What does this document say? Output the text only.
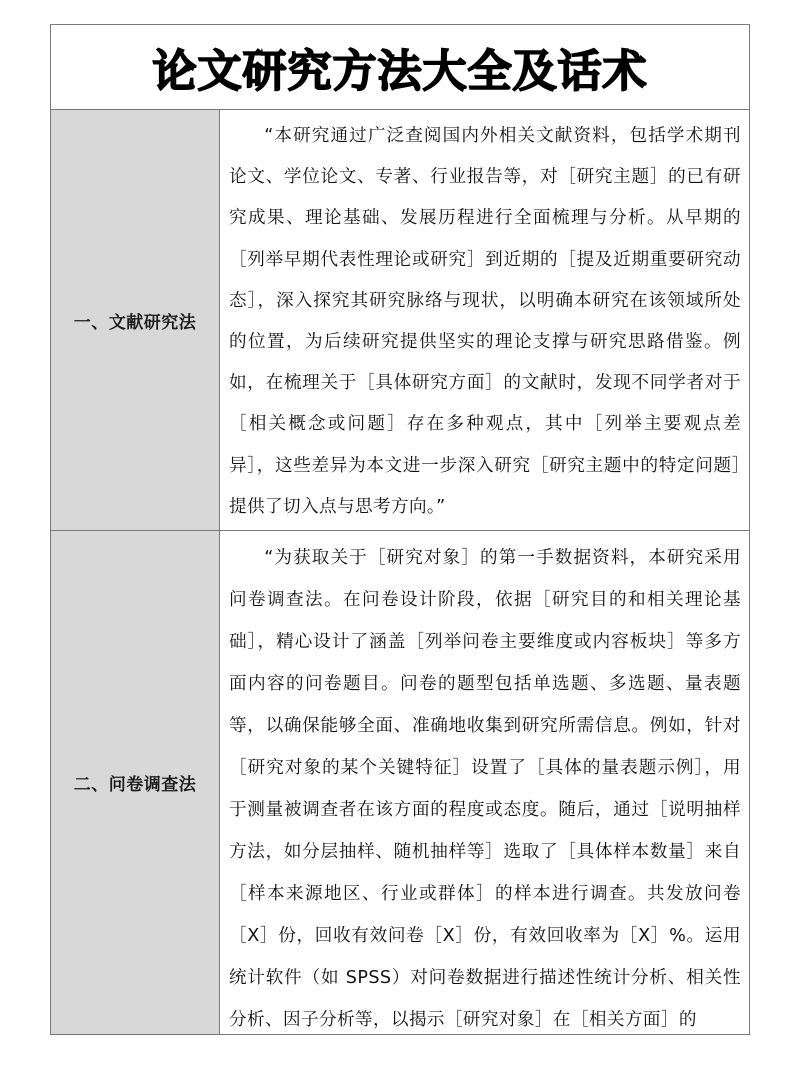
论文研究方法大全及话术
一、文献研究法

“本研究通过广泛查阅国内外相关文献资料，包括学术期刊论文、学位论文、专著、行业报告等，对［研究主题］的已有研究成果、理论基础、发展历程进行全面梳理与分析。从早期的［列举早期代表性理论或研究］到近期的［提及近期重要研究动态］，深入探究其研究脉络与现状，以明确本研究在该领域所处的位置，为后续研究提供坚实的理论支撑与研究思路借鉴。例如，在梳理关于［具体研究方面］的文献时，发现不同学者对于［相关概念或问题］存在多种观点，其中［列举主要观点差异］，这些差异为本文进一步深入研究［研究主题中的特定问题］提供了切入点与思考方向。”

二、问卷调查法

“为获取关于［研究对象］的第一手数据资料，本研究采用问卷调查法。在问卷设计阶段，依据［研究目的和相关理论基础］，精心设计了涵盖［列举问卷主要维度或内容板块］等多方面内容的问卷题目。问卷的题型包括单选题、多选题、量表题等，以确保能够全面、准确地收集到研究所需信息。例如，针对［研究对象的某个关键特征］设置了［具体的量表题示例］，用于测量被调查者在该方面的程度或态度。随后，通过［说明抽样方法，如分层抽样、随机抽样等］选取了［具体样本数量］来自［样本来源地区、行业或群体］的样本进行调查。共发放问卷［X］份，回收有效问卷［X］份，有效回收率为［X］%。运用统计软件（如 SPSS）对问卷数据进行描述性统计分析、相关性分析、因子分析等，以揭示［研究对象］在［相关方面］的
